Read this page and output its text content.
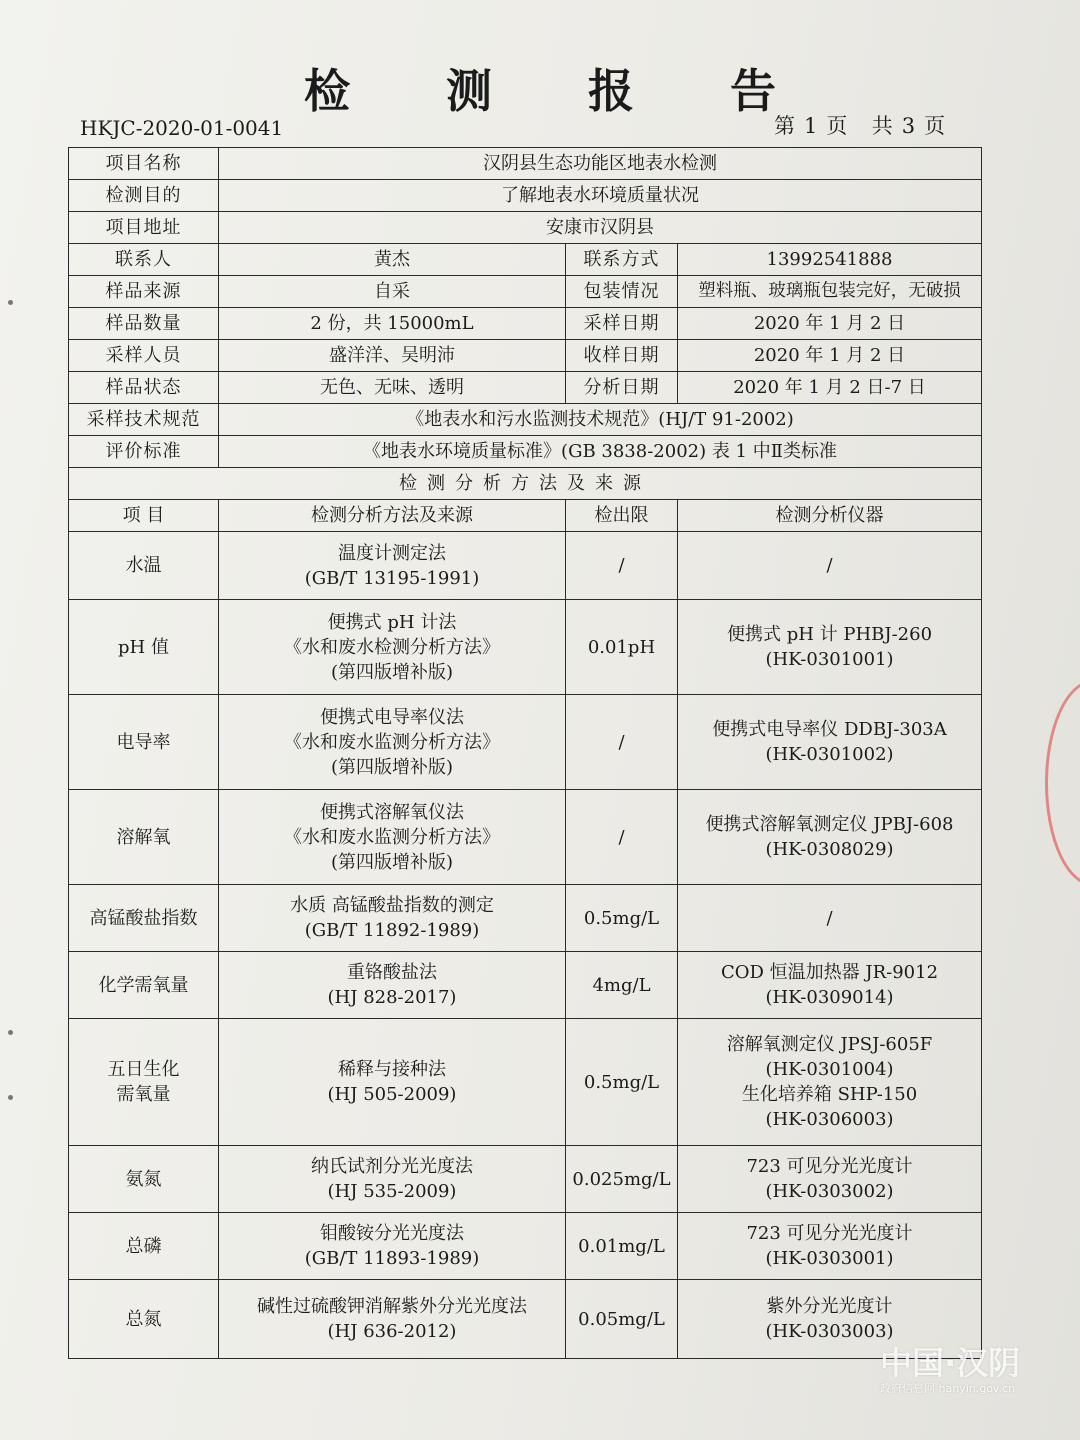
检 测 报 告
HKJC-2020-01-0041	第 1 页 共 3 页
项目名称	汉阴县生态功能区地表水检测		
检测目的	了解地表水环境质量状况		
项目地址	安康市汉阴县		
联系人	黄杰	联系方式	13992541888
样品来源	自采	包装情况	塑料瓶、玻璃瓶包装完好，无破损
样品数量	2 份，共 15000mL	采样日期	2020 年 1 月 2 日
采样人员	盛洋洋、吴明沛	收样日期	2020 年 1 月 2 日
样品状态	无色、无味、透明	分析日期	2020 年 1 月 2 日-7 日
采样技术规范	《地表水和污水监测技术规范》(HJ/T 91-2002)		
评价标准	《地表水环境质量标准》(GB 3838-2002) 表 1 中Ⅱ类标准		
检测分析方法及来源			
项 目	检测分析方法及来源	检出限	检测分析仪器

水温	温度计测定法
(GB/T 13195-1991)	/	/

pH 值	便携式 pH 计法
《水和废水检测分析方法》
(第四版增补版)	0.01pH	便携式 pH 计 PHBJ-260
(HK-0301001)

电导率	便携式电导率仪法
《水和废水监测分析方法》
(第四版增补版)	/	便携式电导率仪 DDBJ-303A
(HK-0301002)

溶解氧	便携式溶解氧仪法
《水和废水监测分析方法》
(第四版增补版)	/	便携式溶解氧测定仪 JPBJ-608
(HK-0308029)

高锰酸盐指数	水质 高锰酸盐指数的测定
(GB/T 11892-1989)	0.5mg/L	/

化学需氧量	重铬酸盐法
(HJ 828-2017)	4mg/L	COD 恒温加热器 JR-9012
(HK-0309014)

五日生化
需氧量	稀释与接种法
(HJ 505-2009)	0.5mg/L	溶解氧测定仪 JPSJ-605F
(HK-0301004)
生化培养箱 SHP-150
(HK-0306003)

氨氮	纳氏试剂分光光度法
(HJ 535-2009)	0.025mg/L	723 可见分光光度计
(HK-0303002)

总磷	钼酸铵分光光度法
(GB/T 11893-1989)	0.01mg/L	723 可见分光光度计
(HK-0303001)

总氮	碱性过硫酸钾消解紫外分光光度法
(HJ 636-2012)	0.05mg/L	紫外分光光度计
(HK-0303003)
中国·汉阴
政府信息网 hanyin.gov.cn
